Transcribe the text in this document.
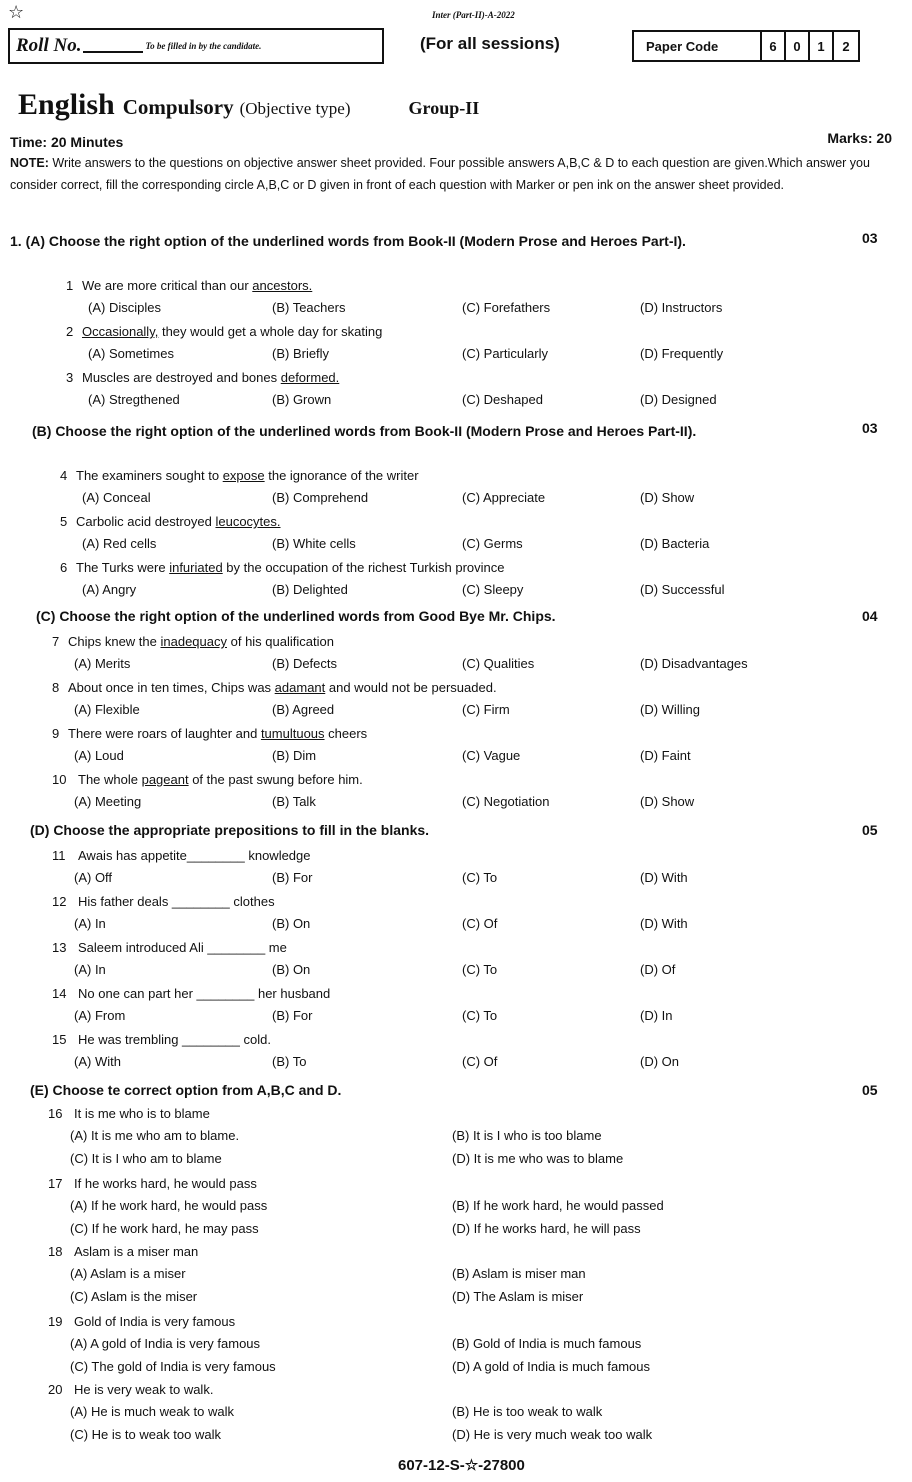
☆	Inter (Part-II)-A-2022
Roll No.	To be filled in by the candidate.	(For all sessions)	Paper Code	6	0	1	2
English Compulsory (Objective type)	Group-II
Time: 20 Minutes	Marks: 20
NOTE: Write answers to the questions on objective answer sheet provided. Four possible answers A,B,C & D to each question are given.Which answer you consider correct, fill the corresponding circle A,B,C or D given in front of each question with Marker or pen ink on the answer sheet provided.
1. (A) Choose the right option of the underlined words from Book-II (Modern Prose and Heroes Part-I).	03
1 We are more critical than our ancestors.
(A) Disciples	(B) Teachers	(C) Forefathers	(D) Instructors
2 Occasionally, they would get a whole day for skating
(A) Sometimes	(B) Briefly	(C) Particularly	(D) Frequently
3 Muscles are destroyed and bones deformed.
(A) Stregthened	(B) Grown	(C) Deshaped	(D) Designed
(B) Choose the right option of the underlined words from Book-II (Modern Prose and Heroes Part-II).	03
4 The examiners sought to expose the ignorance of the writer
(A) Conceal	(B) Comprehend	(C) Appreciate	(D) Show
5 Carbolic acid destroyed leucocytes.
(A) Red cells	(B) White cells	(C) Germs	(D) Bacteria
6 The Turks were infuriated by the occupation of the richest Turkish province
(A) Angry	(B) Delighted	(C) Sleepy	(D) Successful
(C) Choose the right option of the underlined words from Good Bye Mr. Chips.	04
7 Chips knew the inadequacy of his qualification
(A) Merits	(B) Defects	(C) Qualities	(D) Disadvantages
8 About once in ten times, Chips was adamant and would not be persuaded.
(A) Flexible	(B) Agreed	(C) Firm	(D) Willing
9 There were roars of laughter and tumultuous cheers
(A) Loud	(B) Dim	(C) Vague	(D) Faint
10 The whole pageant of the past swung before him.
(A) Meeting	(B) Talk	(C) Negotiation	(D) Show
(D) Choose the appropriate prepositions to fill in the blanks.	05
11 Awais has appetite________ knowledge
(A) Off	(B) For	(C) To	(D) With
12 His father deals ________ clothes
(A) In	(B) On	(C) Of	(D) With
13 Saleem introduced Ali ________ me
(A) In	(B) On	(C) To	(D) Of
14 No one can part her ________ her husband
(A) From	(B) For	(C) To	(D) In
15 He was trembling ________ cold.
(A) With	(B) To	(C) Of	(D) On
(E) Choose te correct option from A,B,C and D.	05
16 It is me who is to blame
(A) It is me who am to blame.	(B) It is I who is too blame
(C) It is I who am to blame	(D) It is me who was to blame
17 If he works hard, he would pass
(A) If he work hard, he would pass	(B) If he work hard, he would passed
(C) If he work hard, he may pass	(D) If he works hard, he will pass
18 Aslam is a miser man
(A) Aslam is a miser	(B) Aslam is miser man
(C) Aslam is the miser	(D) The Aslam is miser
19 Gold of India is very famous
(A) A gold of India is very famous	(B) Gold of India is much famous
(C) The gold of India is very famous	(D) A gold of India is much famous
20 He is very weak to walk.
(A) He is much weak to walk	(B) He is too weak to walk
(C) He is to weak too walk	(D) He is very much weak too walk
607-12-S-☆-27800
